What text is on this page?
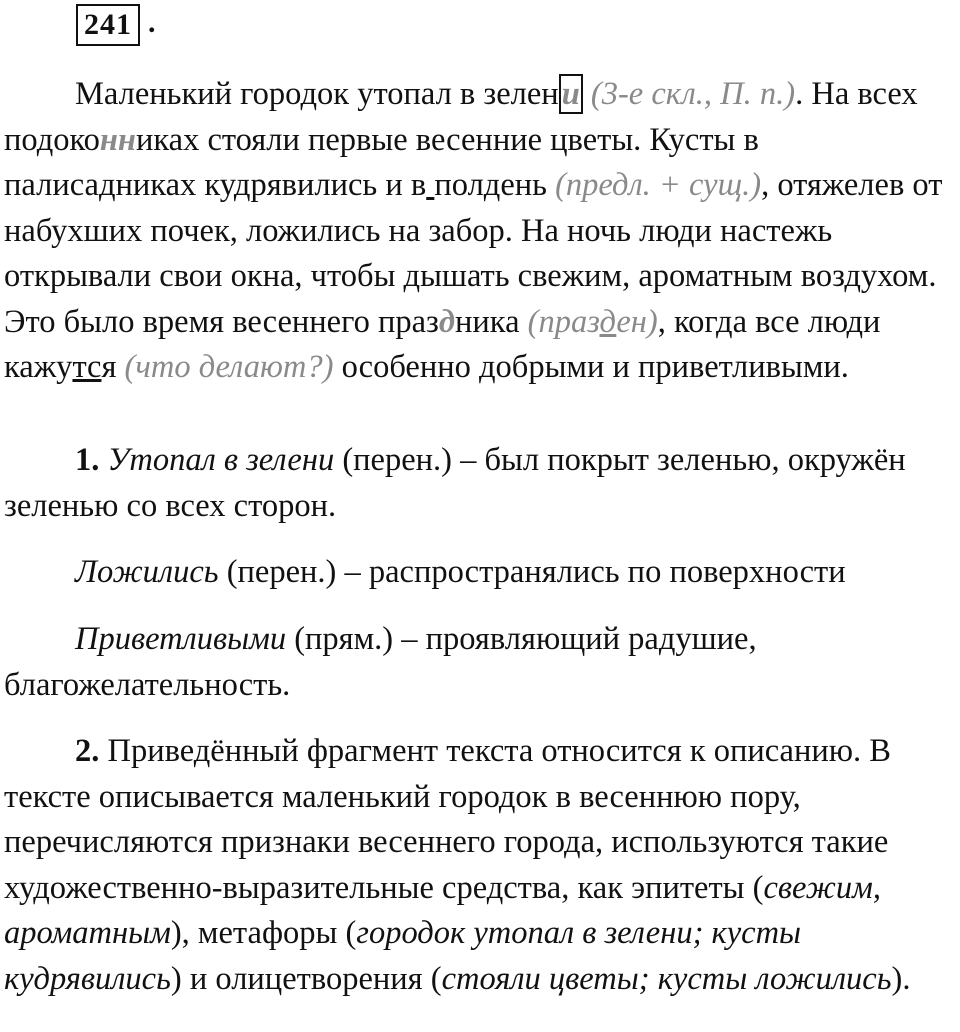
241 .
Маленький городок утопал в зелени (3-е скл., П. п.). На всех подоконниках стояли первые весенние цветы. Кусты в палисадниках кудрявились и в полдень (предл. + сущ.), отяжелев от набухших почек, ложились на забор. На ночь люди настежь открывали свои окна, чтобы дышать свежим, ароматным воздухом. Это было время весеннего праздника (празден), когда все люди кажутся (что делают?) особенно добрыми и приветливыми.
1. Утопал в зелени (перен.) – был покрыт зеленью, окружён зеленью со всех сторон.
Ложились (перен.) – распространялись по поверхности
Приветливыми (прям.) – проявляющий радушие, благожелательность.
2. Приведённый фрагмент текста относится к описанию. В тексте описывается маленький городок в весеннюю пору, перечисляются признаки весеннего города, используются такие художественно-выразительные средства, как эпитеты (свежим, ароматным), метафоры (городок утопал в зелени; кусты кудрявились) и олицетворения (стояли цветы; кусты ложились).
